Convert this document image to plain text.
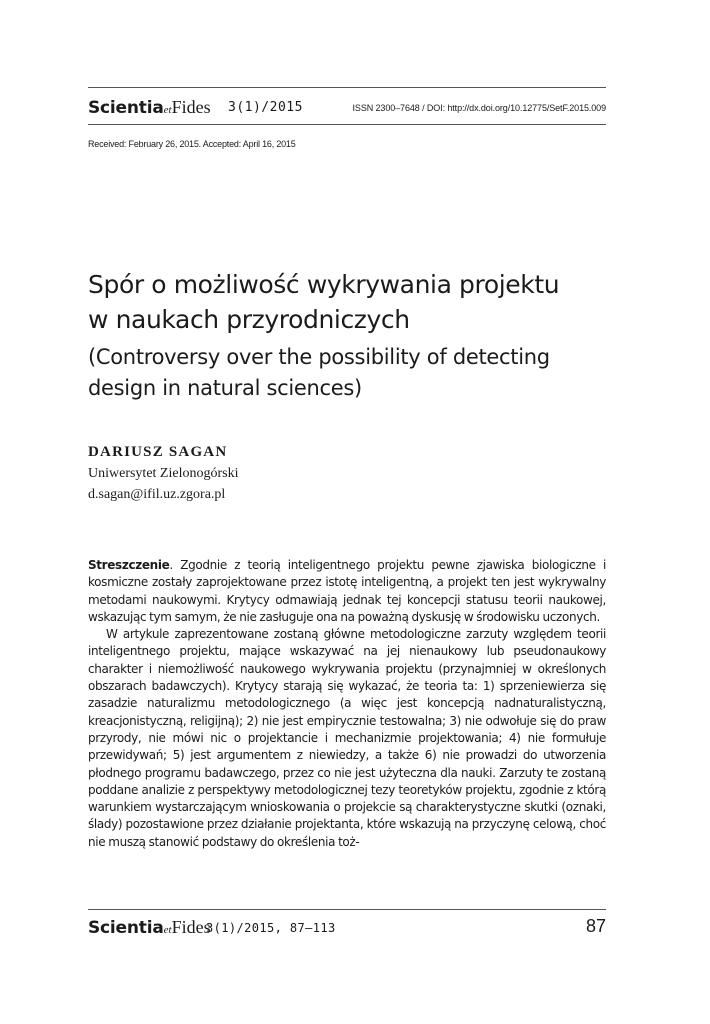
ScientiaetFides 3(1)/2015	ISSN 2300–7648 / DOI: http://dx.doi.org/10.12775/SetF.2015.009
Received: February 26, 2015. Accepted: April 16, 2015
Spór o możliwość wykrywania projektu w naukach przyrodniczych
(Controversy over the possibility of detecting design in natural sciences)
DARIUSZ SAGAN
Uniwersytet Zielonogórski
d.sagan@ifil.uz.zgora.pl

Streszczenie. Zgodnie z teorią inteligentnego projektu pewne zjawiska biologiczne i kosmiczne zostały zaprojektowane przez istotę inteligentną, a projekt ten jest wykrywalny metodami naukowymi. Krytycy odmawiają jednak tej koncepcji statusu teorii naukowej, wskazując tym samym, że nie zasługuje ona na poważną dyskusję w środowisku uczonych.

W artykule zaprezentowane zostaną główne metodologiczne zarzuty względem teorii inteligentnego projektu, mające wskazywać na jej nienaukowy lub pseudonaukowy charakter i niemożliwość naukowego wykrywania projektu (przynajmniej w określonych obszarach badawczych). Krytycy starają się wykazać, że teoria ta: 1) sprzeniewierza się zasadzie naturalizmu metodologicznego (a więc jest koncepcją nadnaturalistyczną, kreacjonistyczną, religijną); 2) nie jest empirycznie testowalna; 3) nie odwołuje się do praw przyrody, nie mówi nic o projektancie i mechanizmie projektowania; 4) nie formułuje przewidywań; 5) jest argumentem z niewiedzy, a także 6) nie prowadzi do utworzenia płodnego programu badawczego, przez co nie jest użyteczna dla nauki. Zarzuty te zostaną poddane analizie z perspektywy metodologicznej tezy teoretyków projektu, zgodnie z którą warunkiem wystarczającym wnioskowania o projekcie są charakterystyczne skutki (oznaki, ślady) pozostawione przez działanie projektanta, które wskazują na przyczynę celową, choć nie muszą stanowić podstawy do określenia toż-

ScientiaetFides
3(1)/2015, 87–113	87
